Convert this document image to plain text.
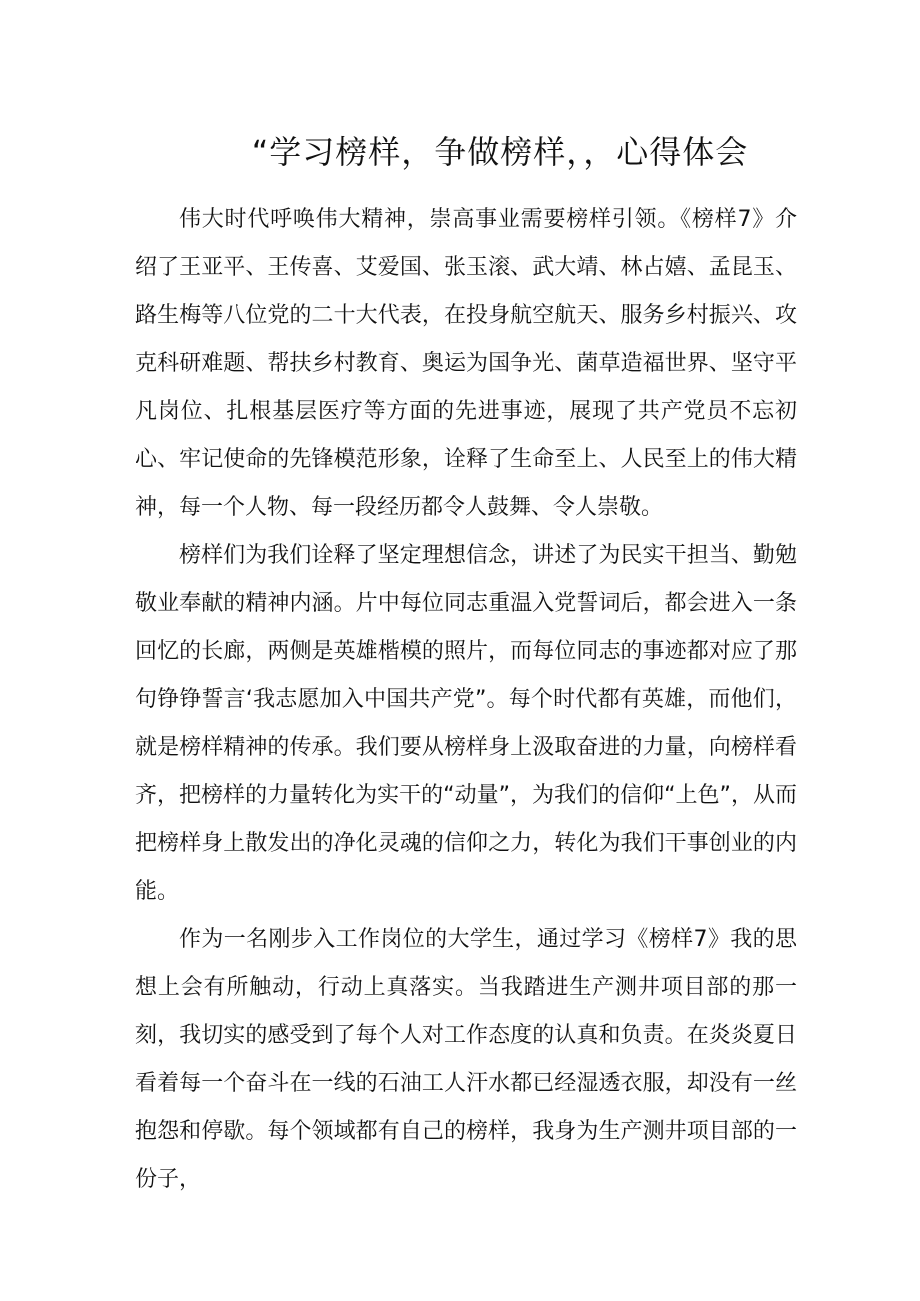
“学习榜样，争做榜样，，心得体会

伟大时代呼唤伟大精神，崇高事业需要榜样引领。《榜样7》介绍了王亚平、王传喜、艾爱国、张玉滚、武大靖、林占嬉、孟昆玉、路生梅等八位党的二十大代表，在投身航空航天、服务乡村振兴、攻克科研难题、帮扶乡村教育、奥运为国争光、菌草造福世界、坚守平凡岗位、扎根基层医疗等方面的先进事迹，展现了共产党员不忘初心、牢记使命的先锋模范形象，诠释了生命至上、人民至上的伟大精神，每一个人物、每一段经历都令人鼓舞、令人崇敬。

榜样们为我们诠释了坚定理想信念，讲述了为民实干担当、勤勉敬业奉献的精神内涵。片中每位同志重温入党誓词后，都会进入一条回忆的长廊，两侧是英雄楷模的照片，而每位同志的事迹都对应了那句铮铮誓言‘我志愿加入中国共产党”。每个时代都有英雄，而他们，就是榜样精神的传承。我们要从榜样身上汲取奋进的力量，向榜样看齐，把榜样的力量转化为实干的“动量”，为我们的信仰“上色”，从而把榜样身上散发出的净化灵魂的信仰之力，转化为我们干事创业的内能。

作为一名刚步入工作岗位的大学生，通过学习《榜样7》我的思想上会有所触动，行动上真落实。当我踏进生产测井项目部的那一刻，我切实的感受到了每个人对工作态度的认真和负责。在炎炎夏日看着每一个奋斗在一线的石油工人汗水都已经湿透衣服，却没有一丝抱怨和停歇。每个领域都有自己的榜样，我身为生产测井项目部的一份子，
